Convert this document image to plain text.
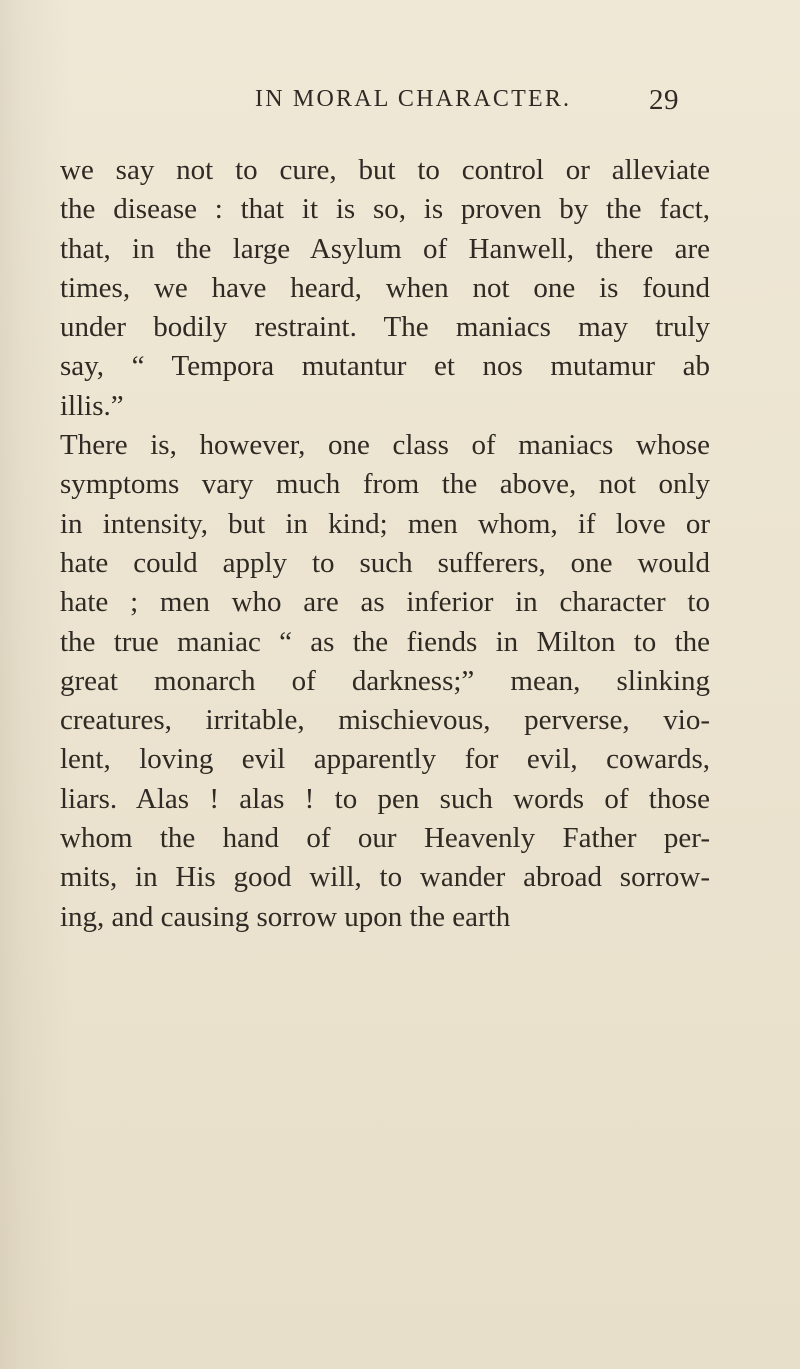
IN MORAL CHARACTER.	29
we say not to cure, but to control or alleviate
the disease : that it is so, is proven by the fact,
that, in the large Asylum of Hanwell, there are
times, we have heard, when not one is found
under bodily restraint. The maniacs may truly
say, “ Tempora mutantur et nos mutamur ab
illis.”
There is, however, one class of maniacs whose
symptoms vary much from the above, not only
in intensity, but in kind; men whom, if love or
hate could apply to such sufferers, one would
hate ; men who are as inferior in character to
the true maniac “ as the fiends in Milton to the
great monarch of darkness;” mean, slinking
creatures, irritable, mischievous, perverse, vio-
lent, loving evil apparently for evil, cowards,
liars. Alas ! alas ! to pen such words of those
whom the hand of our Heavenly Father per-
mits, in His good will, to wander abroad sorrow-
ing, and causing sorrow upon the earth
